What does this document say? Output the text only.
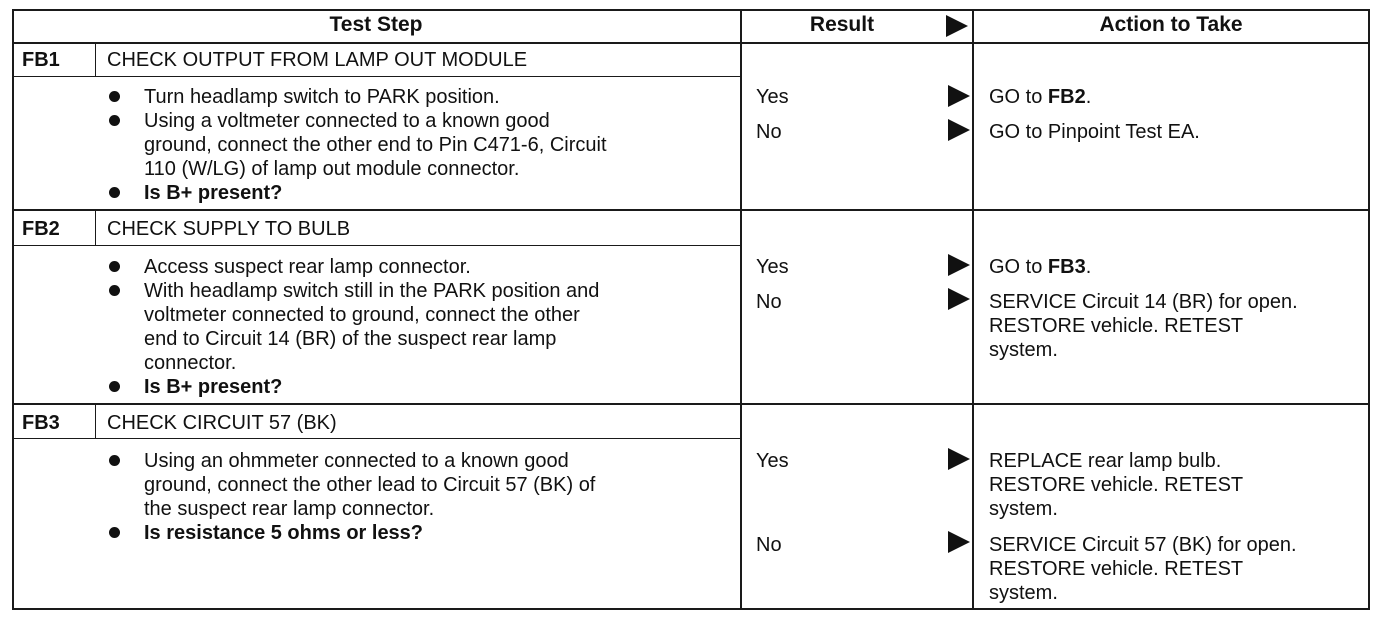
Test Step	Result	Action to Take
FB1 CHECK OUTPUT FROM LAMP OUT MODULE
Turn headlamp switch to PARK position.
Using a voltmeter connected to a known good
ground, connect the other end to Pin C471-6, Circuit
110 (W/LG) of lamp out module connector.
Is B+ present?
Yes	GO to FB2.
No	GO to Pinpoint Test EA.
FB2 CHECK SUPPLY TO BULB
Access suspect rear lamp connector.
With headlamp switch still in the PARK position and
voltmeter connected to ground, connect the other
end to Circuit 14 (BR) of the suspect rear lamp
connector.
Is B+ present?
Yes	GO to FB3.
No	SERVICE Circuit 14 (BR) for open.
RESTORE vehicle. RETEST
system.
FB3 CHECK CIRCUIT 57 (BK)
Using an ohmmeter connected to a known good
ground, connect the other lead to Circuit 57 (BK) of
the suspect rear lamp connector.
Is resistance 5 ohms or less?
Yes	REPLACE rear lamp bulb.
RESTORE vehicle. RETEST
system.
No	SERVICE Circuit 57 (BK) for open.
RESTORE vehicle. RETEST
system.
